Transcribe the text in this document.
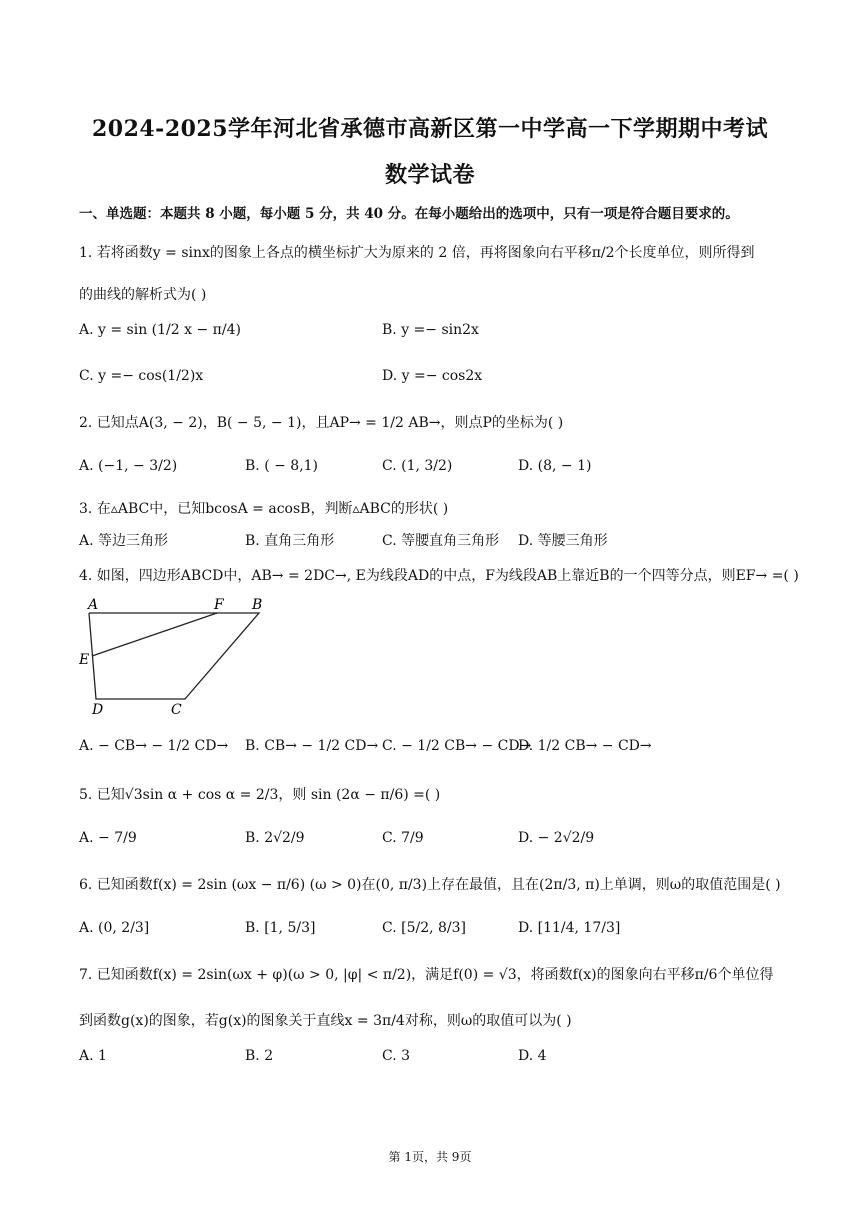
2024-2025学年河北省承德市高新区第一中学高一下学期期中考试
数学试卷
一、单选题：本题共 8 小题，每小题 5 分，共 40 分。在每小题给出的选项中，只有一项是符合题目要求的。
1. 若将函数y = sinx的图象上各点的横坐标扩大为原来的 2 倍，再将图象向右平移π/2个长度单位，则所得到
的曲线的解析式为( )
A. y = sin (1/2 x − π/4)	B. y =− sin2x
C. y =− cos(1/2)x	D. y =− cos2x
2. 已知点A(3, − 2)，B( − 5, − 1)，且AP→ = 1/2 AB→，则点P的坐标为( )
A. (−1, − 3/2)	B. ( − 8,1)	C. (1, 3/2)	D. (8, − 1)
3. 在▵ABC中，已知bcosA = acosB，判断▵ABC的形状( )
A. 等边三角形	B. 直角三角形	C. 等腰直角三角形 D. 等腰三角形
4. 如图，四边形ABCD中，AB→ = 2DC→, E为线段AD的中点，F为线段AB上靠近B的一个四等分点，则EF→ =( )
A	F B
E
D	C
A. − CB→ − 1/2 CD→ B. CB→ − 1/2 CD→ C. − 1/2 CB→ − CD→
D. 1/2 CB→ − CD→
5. 已知√3sin α + cos α = 2/3，则 sin (2α − π/6) =( )
A. − 7/9	B. 2√2/9	C. 7/9	D. − 2√2/9
6. 已知函数f(x) = 2sin (ωx − π/6) (ω > 0)在(0, π/3)上存在最值，且在(2π/3, π)上单调，则ω的取值范围是( )
A. (0, 2/3]	B. [1, 5/3]	C. [5/2, 8/3]	D. [11/4, 17/3]
7. 已知函数f(x) = 2sin(ωx + φ)(ω > 0, |φ| < π/2)，满足f(0) = √3，将函数f(x)的图象向右平移π/6个单位得
到函数g(x)的图象，若g(x)的图象关于直线x = 3π/4对称，则ω的取值可以为( )
A. 1	B. 2	C. 3	D. 4
第 1页，共 9页
